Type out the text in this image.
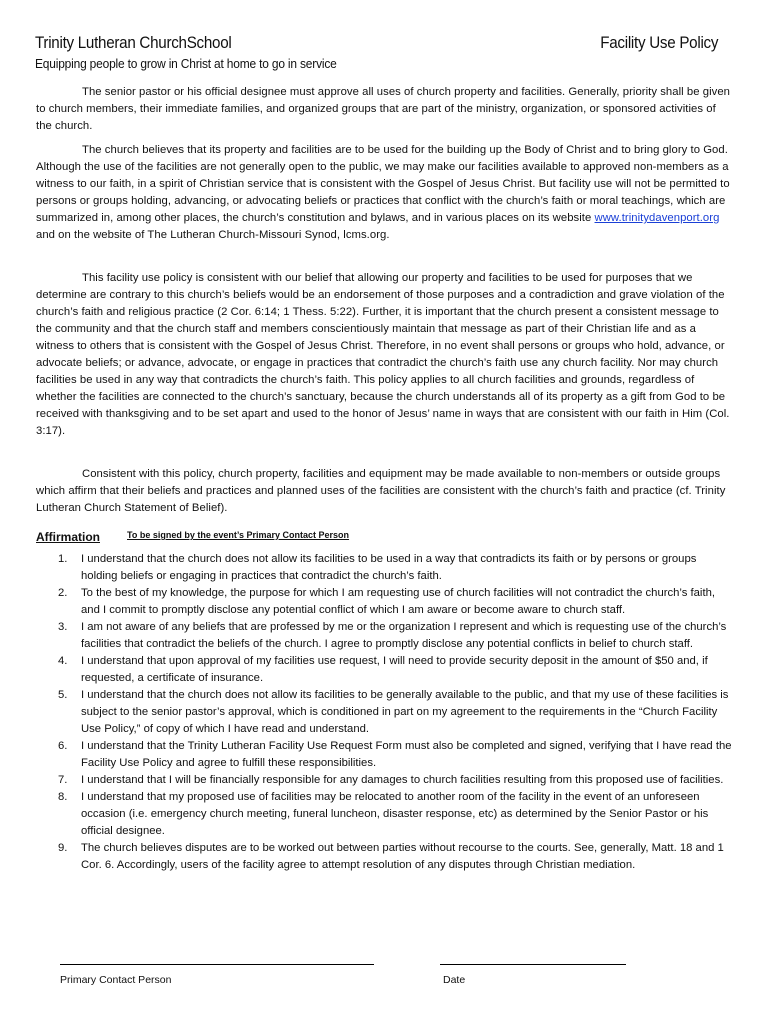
Trinity Lutheran ChurchSchool	Facility Use Policy
Equipping people to grow in Christ at home to go in service

The senior pastor or his official designee must approve all uses of church property and facilities. Generally, priority shall be given to church members, their immediate families, and organized groups that are part of the ministry, organization, or sponsored activities of the church.

The church believes that its property and facilities are to be used for the building up the Body of Christ and to bring glory to God. Although the use of the facilities are not generally open to the public, we may make our facilities available to approved non-members as a witness to our faith, in a spirit of Christian service that is consistent with the Gospel of Jesus Christ. But facility use will not be permitted to persons or groups holding, advancing, or advocating beliefs or practices that conflict with the church’s faith or moral teachings, which are summarized in, among other places, the church’s constitution and bylaws, and in various places on its website www.trinitydavenport.org and on the website of The Lutheran Church-Missouri Synod, lcms.org.

This facility use policy is consistent with our belief that allowing our property and facilities to be used for purposes that we determine are contrary to this church’s beliefs would be an endorsement of those purposes and a contradiction and grave violation of the church’s faith and religious practice (2 Cor. 6:14; 1 Thess. 5:22). Further, it is important that the church present a consistent message to the community and that the church staff and members conscientiously maintain that message as part of their Christian life and as a witness to others that is consistent with the Gospel of Jesus Christ. Therefore, in no event shall persons or groups who hold, advance, or advocate beliefs; or advance, advocate, or engage in practices that contradict the church’s faith use any church facility. Nor may church facilities be used in any way that contradicts the church’s faith. This policy applies to all church facilities and grounds, regardless of whether the facilities are connected to the church’s sanctuary, because the church understands all of its property as a gift from God to be received with thanksgiving and to be set apart and used to the honor of Jesus’ name in ways that are consistent with our faith in Him (Col. 3:17).

Consistent with this policy, church property, facilities and equipment may be made available to non-members or outside groups which affirm that their beliefs and practices and planned uses of the facilities are consistent with the church’s faith and practice (cf. Trinity Lutheran Church Statement of Belief).

Affirmation	To be signed by the event’s Primary Contact Person
1. I understand that the church does not allow its facilities to be used in a way that contradicts its faith or by persons or groups holding beliefs or engaging in practices that contradict the church’s faith.
2. To the best of my knowledge, the purpose for which I am requesting use of church facilities will not contradict the church’s faith, and I commit to promptly disclose any potential conflict of which I am aware or become aware to church staff.
3. I am not aware of any beliefs that are professed by me or the organization I represent and which is requesting use of the church’s facilities that contradict the beliefs of the church. I agree to promptly disclose any potential conflicts in belief to church staff.
4. I understand that upon approval of my facilities use request, I will need to provide security deposit in the amount of $50 and, if requested, a certificate of insurance.
5. I understand that the church does not allow its facilities to be generally available to the public, and that my use of these facilities is subject to the senior pastor’s approval, which is conditioned in part on my agreement to the requirements in the “Church Facility Use Policy,” of copy of which I have read and understand.
6. I understand that the Trinity Lutheran Facility Use Request Form must also be completed and signed, verifying that I have read the Facility Use Policy and agree to fulfill these responsibilities.
7. I understand that I will be financially responsible for any damages to church facilities resulting from this proposed use of facilities.
8. I understand that my proposed use of facilities may be relocated to another room of the facility in the event of an unforeseen occasion (i.e. emergency church meeting, funeral luncheon, disaster response, etc) as determined by the Senior Pastor or his official designee.
9. The church believes disputes are to be worked out between parties without recourse to the courts. See, generally, Matt. 18 and 1 Cor. 6. Accordingly, users of the facility agree to attempt resolution of any disputes through Christian mediation.
Primary Contact Person	Date
